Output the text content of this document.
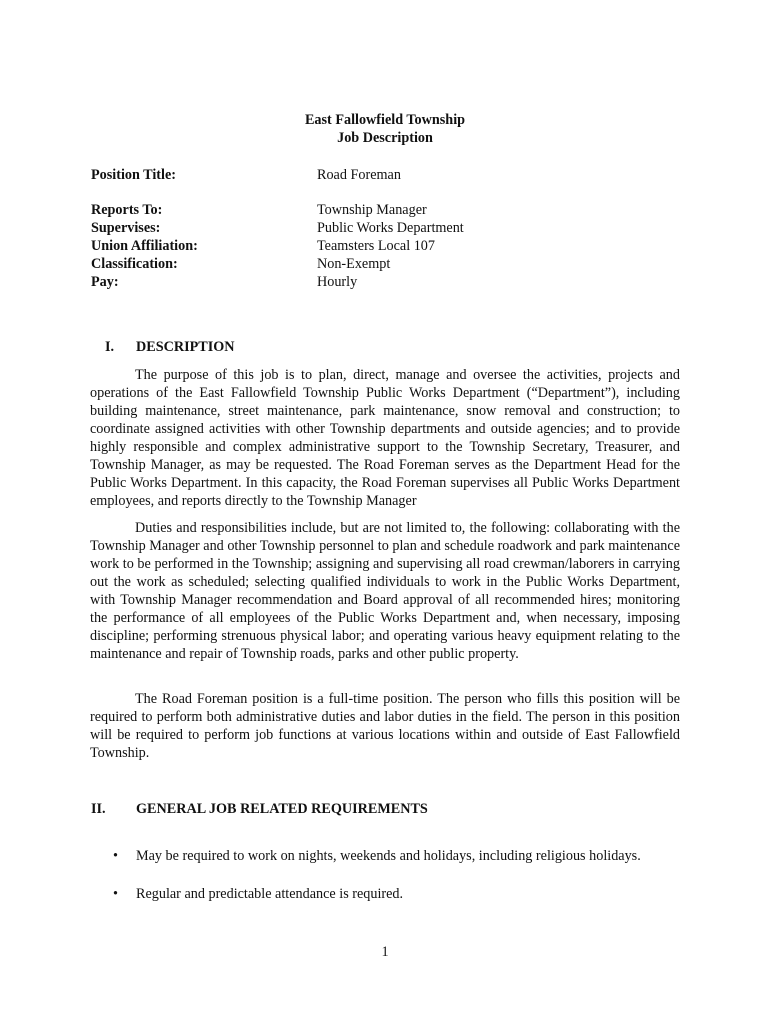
East Fallowfield Township
Job Description
Position Title:	Road Foreman
Reports To:	Township Manager
Supervises:	Public Works Department
Union Affiliation:	Teamsters Local 107
Classification:	Non-Exempt
Pay:	Hourly
I. DESCRIPTION

The purpose of this job is to plan, direct, manage and oversee the activities, projects and operations of the East Fallowfield Township Public Works Department (“Department”), including building maintenance, street maintenance, park maintenance, snow removal and construction; to coordinate assigned activities with other Township departments and outside agencies; and to provide highly responsible and complex administrative support to the Township Secretary, Treasurer, and Township Manager, as may be requested. The Road Foreman serves as the Department Head for the Public Works Department. In this capacity, the Road Foreman supervises all Public Works Department employees, and reports directly to the Township Manager

Duties and responsibilities include, but are not limited to, the following: collaborating with the Township Manager and other Township personnel to plan and schedule roadwork and park maintenance work to be performed in the Township; assigning and supervising all road crewman/laborers in carrying out the work as scheduled; selecting qualified individuals to work in the Public Works Department, with Township Manager recommendation and Board approval of all recommended hires; monitoring the performance of all employees of the Public Works Department and, when necessary, imposing discipline; performing strenuous physical labor; and operating various heavy equipment relating to the maintenance and repair of Township roads, parks and other public property.

The Road Foreman position is a full-time position. The person who fills this position will be required to perform both administrative duties and labor duties in the field. The person in this position will be required to perform job functions at various locations within and outside of East Fallowfield Township.

II. GENERAL JOB RELATED REQUIREMENTS
• May be required to work on nights, weekends and holidays, including religious holidays.
• Regular and predictable attendance is required.
1
